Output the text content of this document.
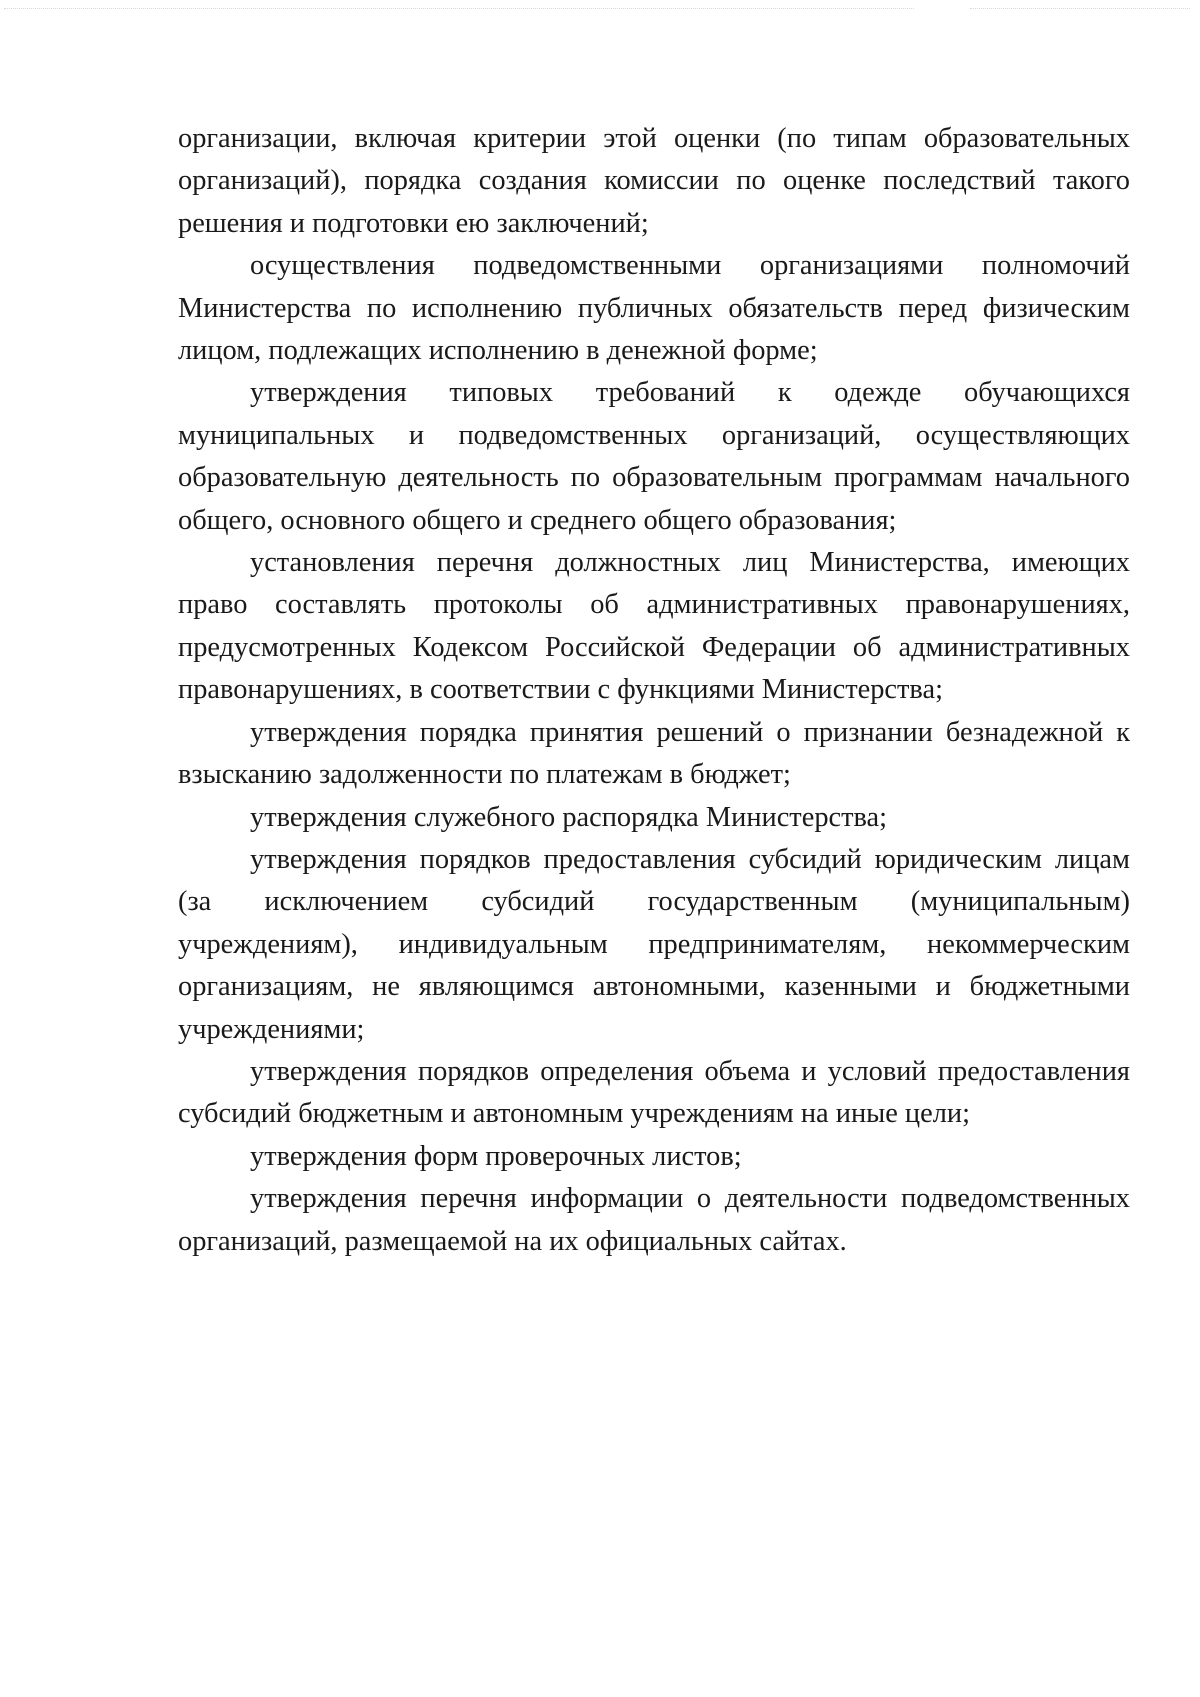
организации, включая критерии этой оценки (по типам образовательных организаций), порядка создания комиссии по оценке последствий такого решения и подготовки ею заключений;

осуществления подведомственными организациями полномочий Министерства по исполнению публичных обязательств перед физическим лицом, подлежащих исполнению в денежной форме;

утверждения типовых требований к одежде обучающихся муниципальных и подведомственных организаций, осуществляющих образовательную деятельность по образовательным программам начального общего, основного общего и среднего общего образования;

установления перечня должностных лиц Министерства, имеющих право составлять протоколы об административных правонарушениях, предусмотренных Кодексом Российской Федерации об административных правонарушениях, в соответствии с функциями Министерства;

утверждения порядка принятия решений о признании безнадежной к взысканию задолженности по платежам в бюджет;

утверждения служебного распорядка Министерства;

утверждения порядков предоставления субсидий юридическим лицам (за исключением субсидий государственным (муниципальным) учреждениям), индивидуальным предпринимателям, некоммерческим организациям, не являющимся автономными, казенными и бюджетными учреждениями;

утверждения порядков определения объема и условий предоставления субсидий бюджетным и автономным учреждениям на иные цели;

утверждения форм проверочных листов;

утверждения перечня информации о деятельности подведомственных организаций, размещаемой на их официальных сайтах.
